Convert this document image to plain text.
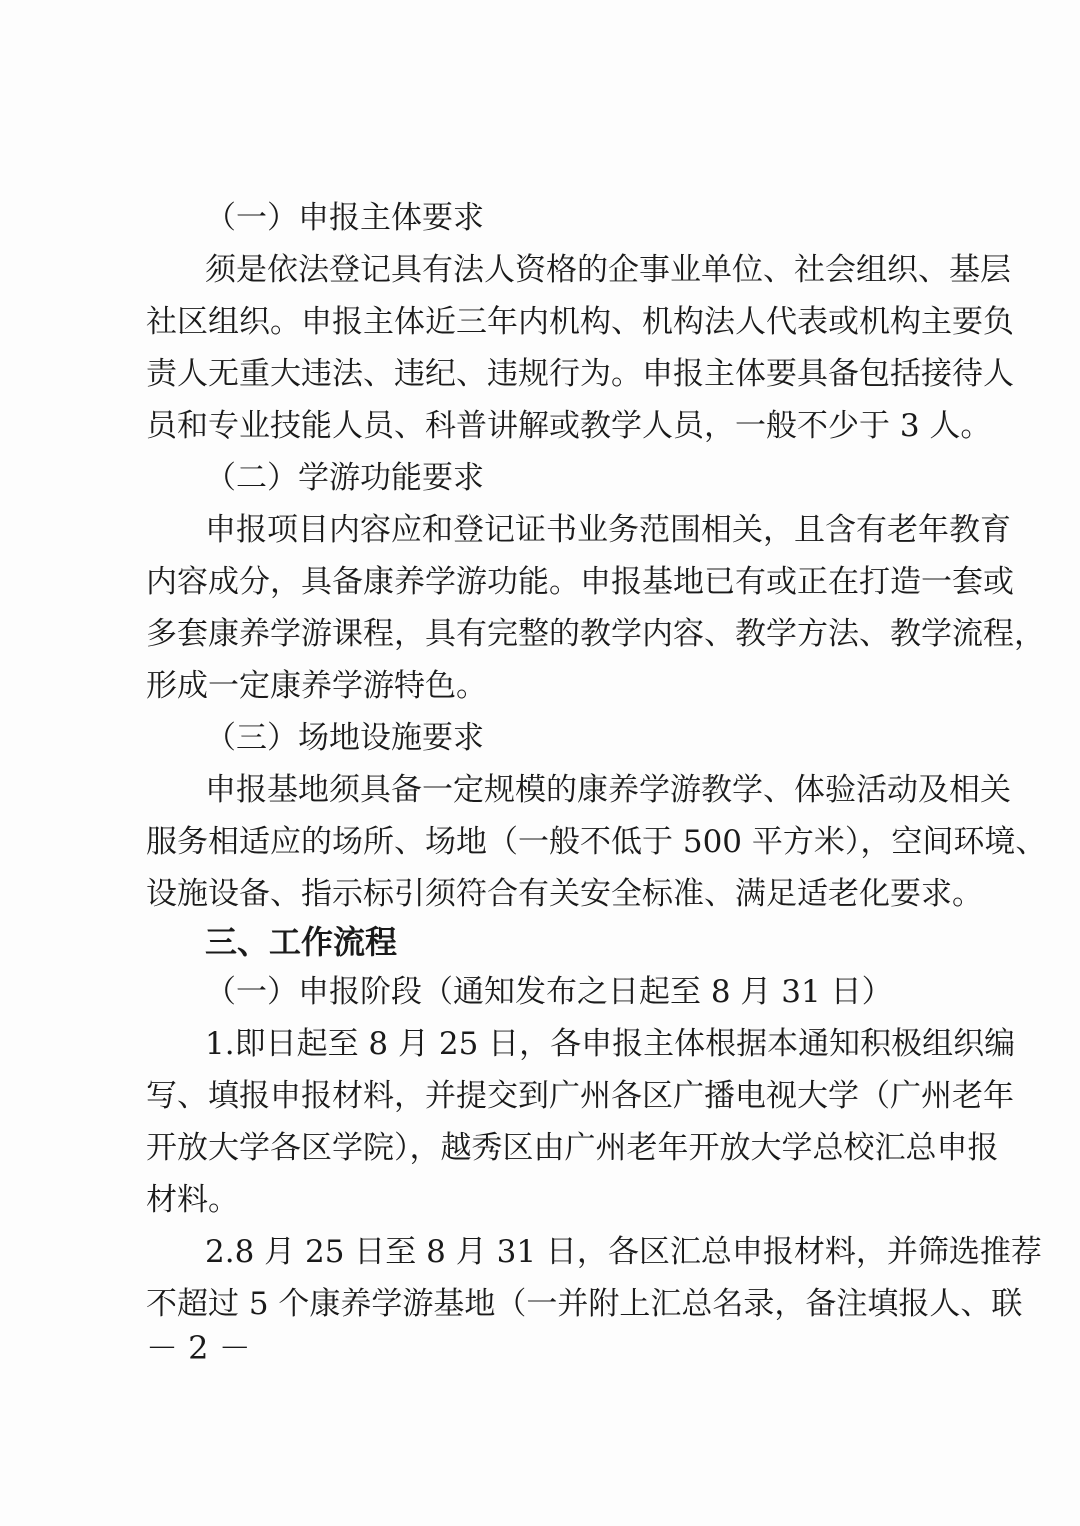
（一）申报主体要求
须是依法登记具有法人资格的企事业单位、社会组织、基层
社区组织。申报主体近三年内机构、机构法人代表或机构主要负
责人无重大违法、违纪、违规行为。申报主体要具备包括接待人
员和专业技能人员、科普讲解或教学人员，一般不少于 3 人。
（二）学游功能要求
申报项目内容应和登记证书业务范围相关，且含有老年教育
内容成分，具备康养学游功能。申报基地已有或正在打造一套或
多套康养学游课程，具有完整的教学内容、教学方法、教学流程，
形成一定康养学游特色。
（三）场地设施要求
申报基地须具备一定规模的康养学游教学、体验活动及相关
服务相适应的场所、场地（一般不低于 500 平方米），空间环境、
设施设备、指示标引须符合有关安全标准、满足适老化要求。
三、工作流程
（一）申报阶段（通知发布之日起至 8 月 31 日）
1.即日起至 8 月 25 日，各申报主体根据本通知积极组织编
写、填报申报材料，并提交到广州各区广播电视大学（广州老年
开放大学各区学院），越秀区由广州老年开放大学总校汇总申报
材料。
2.8 月 25 日至 8 月 31 日，各区汇总申报材料，并筛选推荐
不超过 5 个康养学游基地（一并附上汇总名录，备注填报人、联
－ 2 －
